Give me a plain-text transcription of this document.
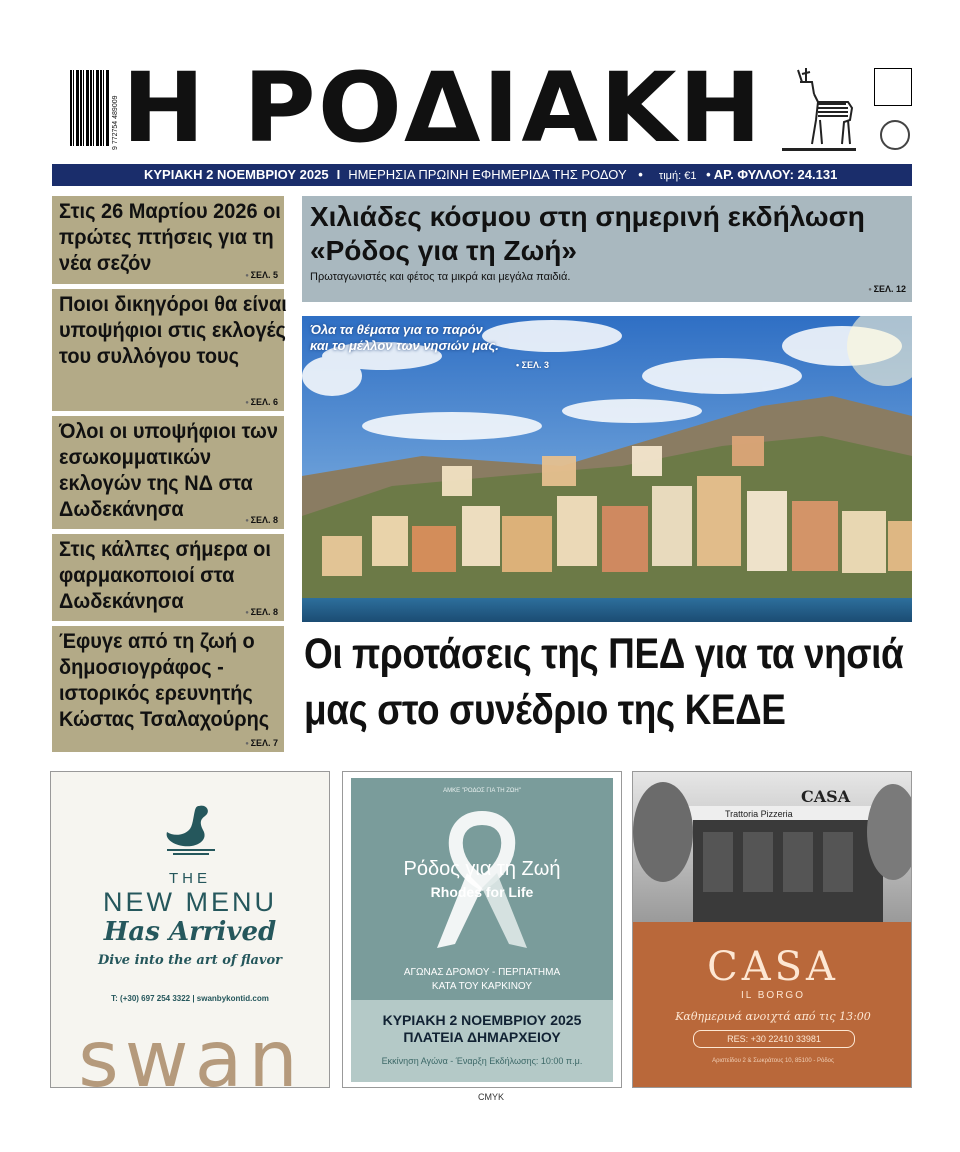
9 772754 489009 Η ΡΟΔΙΑΚΗ
ΚΥΡΙΑΚΗ 2 ΝΟΕΜΒΡΙΟΥ 2025 I ΗΜΕΡΗΣΙΑ ΠΡΩΙΝΗ ΕΦΗΜΕΡΙΔΑ ΤΗΣ ΡΟΔΟΥ • τιμή: €1 • ΑΡ. ΦΥΛΛΟΥ: 24.131
Στις 26 Μαρτίου 2026 οι πρώτες πτήσεις για τη νέα σεζόν	● ΣΕΛ. 5
Ποιοι δικηγόροι θα είναι υποψήφιοι στις εκλογές του συλλόγου τους
● ΣΕΛ. 6
Όλοι οι υποψήφιοι των εσωκομματικών εκλογών της ΝΔ στα Δωδεκάνησα	● ΣΕΛ. 8
Στις κάλπες σήμερα οι φαρμακοποιοί στα Δωδεκάνησα	● ΣΕΛ. 8
Έφυγε από τη ζωή ο δημοσιογράφος - ιστορικός ερευνητής Κώστας Τσαλαχούρης
● ΣΕΛ. 7
Χιλιάδες κόσμου στη σημερινή εκδήλωση «Ρόδος για τη Ζωή»
Πρωταγωνιστές και φέτος τα μικρά και μεγάλα παιδιά.
● ΣΕΛ. 12
Όλα τα θέματα για το παρόν
και το μέλλον των νησιών μας.
• ΣΕΛ. 3
Οι προτάσεις της ΠΕΔ για τα νησιά
μας στο συνέδριο της ΚΕΔΕ
THE
NEW MENU
Has Arrived
Dive into the art of flavor
T: (+30) 697 254 3322 | swanbykontid.com
swan
ΑΜΚΕ "ΡΟΔΟΣ ΓΙΑ ΤΗ ΖΩΗ"
Ρόδος για τη Ζωή
Rhodes for Life
ΑΓΩΝΑΣ ΔΡΟΜΟΥ - ΠΕΡΠΑΤΗΜΑ
ΚΑΤΑ ΤΟΥ ΚΑΡΚΙΝΟΥ
ΚΥΡΙΑΚΗ 2 ΝΟΕΜΒΡΙΟΥ 2025
ΠΛΑΤΕΙΑ ΔΗΜΑΡΧΕΙΟΥ
Εκκίνηση Αγώνα - Έναρξη Εκδήλωσης: 10:00 π.μ.
CASA
Trattoria Pizzeria
CASA
IL BORGO
Καθημερινά ανοιχτά από τις 13:00
RES: +30 22410 33981
Αριστείδου 2 & Σωκράτους 10, 85100 - Ρόδος
CMYK
